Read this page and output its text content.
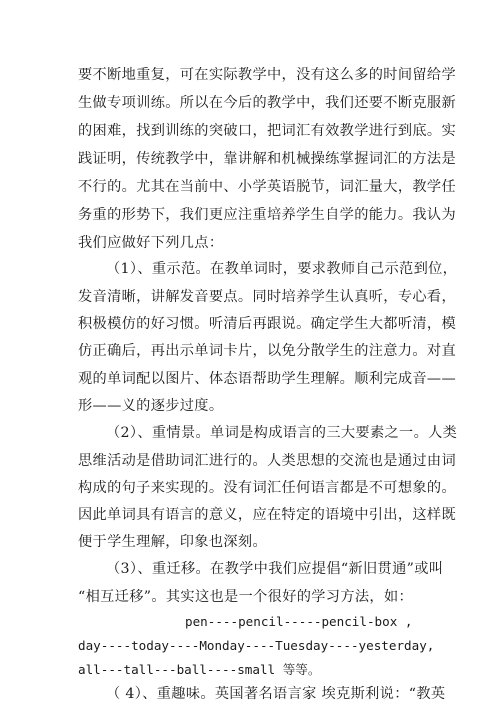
要不断地重复，可在实际教学中，没有这么多的时间留给学
生做专项训练。所以在今后的教学中，我们还要不断克服新
的困难，找到训练的突破口，把词汇有效教学进行到底。实
践证明，传统教学中，靠讲解和机械操练掌握词汇的方法是
不行的。尤其在当前中、小学英语脱节，词汇量大，教学任
务重的形势下，我们更应注重培养学生自学的能力。我认为
我们应做好下列几点：
（1）、重示范。在教单词时，要求教师自己示范到位，
发音清晰，讲解发音要点。同时培养学生认真听，专心看，
积极模仿的好习惯。听清后再跟说。确定学生大都听清，模
仿正确后，再出示单词卡片，以免分散学生的注意力。对直
观的单词配以图片、体态语帮助学生理解。顺利完成音——
形——义的逐步过度。
（2）、重情景。单词是构成语言的三大要素之一。人类
思维活动是借助词汇进行的。人类思想的交流也是通过由词
构成的句子来实现的。没有词汇任何语言都是不可想象的。
因此单词具有语言的意义，应在特定的语境中引出，这样既
便于学生理解，印象也深刻。
（3）、重迁移。在教学中我们应提倡“新旧贯通”或叫
“相互迁移”。其实这也是一个很好的学习方法，如：
pen----pencil-----pencil-box ,
day----today----Monday----Tuesday----yesterday,
all---tall---ball----small 等等。
（ 4）、重趣味。英国著名语言家 埃克斯利说：“教英
